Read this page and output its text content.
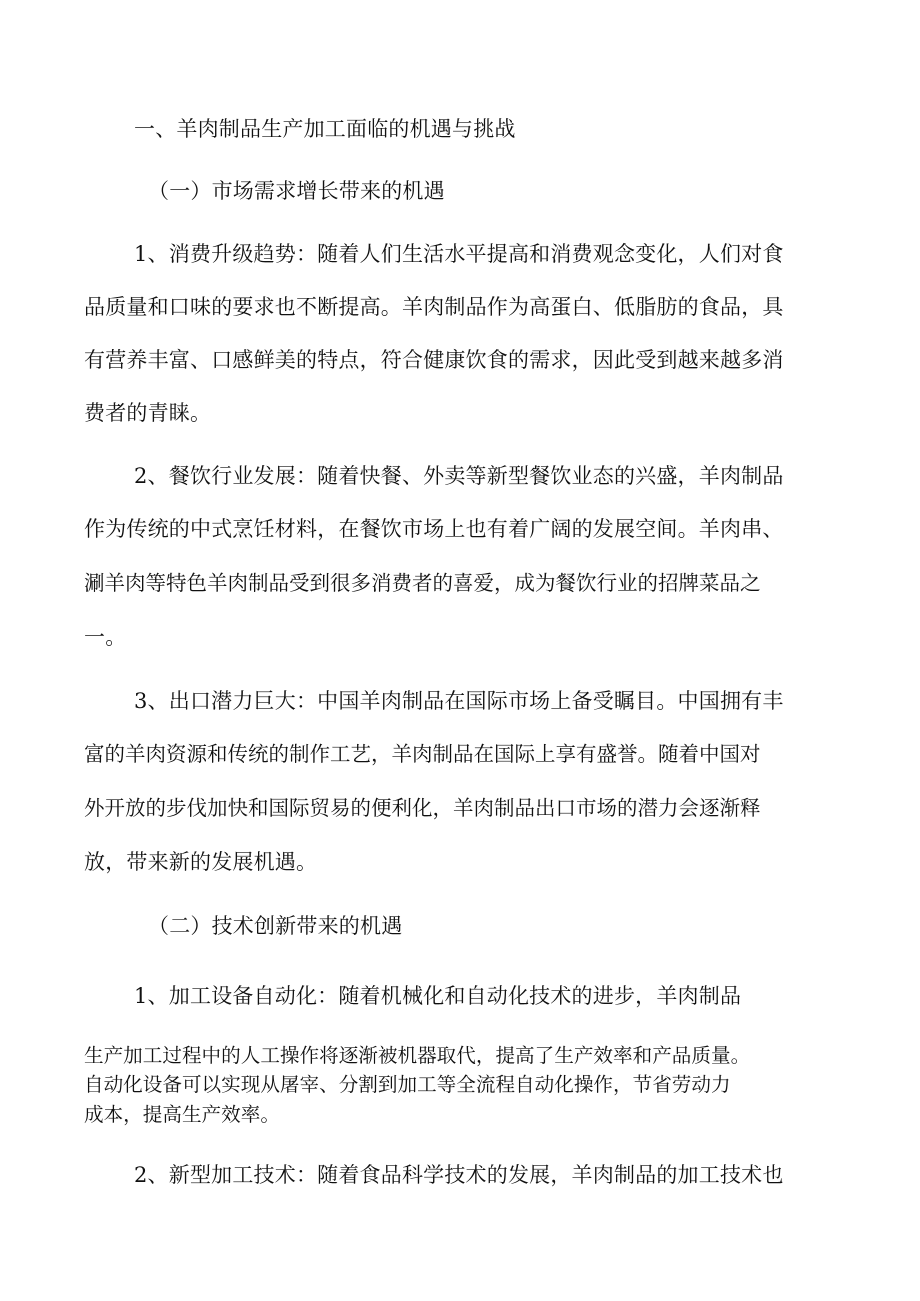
一、羊肉制品生产加工面临的机遇与挑战
（一）市场需求增长带来的机遇
1、消费升级趋势：随着人们生活水平提高和消费观念变化，人们对食
品质量和口味的要求也不断提高。羊肉制品作为高蛋白、低脂肪的食品，具
有营养丰富、口感鲜美的特点，符合健康饮食的需求，因此受到越来越多消
费者的青睐。
2、餐饮行业发展：随着快餐、外卖等新型餐饮业态的兴盛，羊肉制品
作为传统的中式烹饪材料，在餐饮市场上也有着广阔的发展空间。羊肉串、
涮羊肉等特色羊肉制品受到很多消费者的喜爱，成为餐饮行业的招牌菜品之
一。
3、出口潜力巨大：中国羊肉制品在国际市场上备受瞩目。中国拥有丰
富的羊肉资源和传统的制作工艺，羊肉制品在国际上享有盛誉。随着中国对
外开放的步伐加快和国际贸易的便利化，羊肉制品出口市场的潜力会逐渐释
放，带来新的发展机遇。
（二）技术创新带来的机遇
1、加工设备自动化：随着机械化和自动化技术的进步，羊肉制品
生产加工过程中的人工操作将逐渐被机器取代，提高了生产效率和产品质量。
自动化设备可以实现从屠宰、分割到加工等全流程自动化操作，节省劳动力
成本，提高生产效率。
2、新型加工技术：随着食品科学技术的发展，羊肉制品的加工技术也
